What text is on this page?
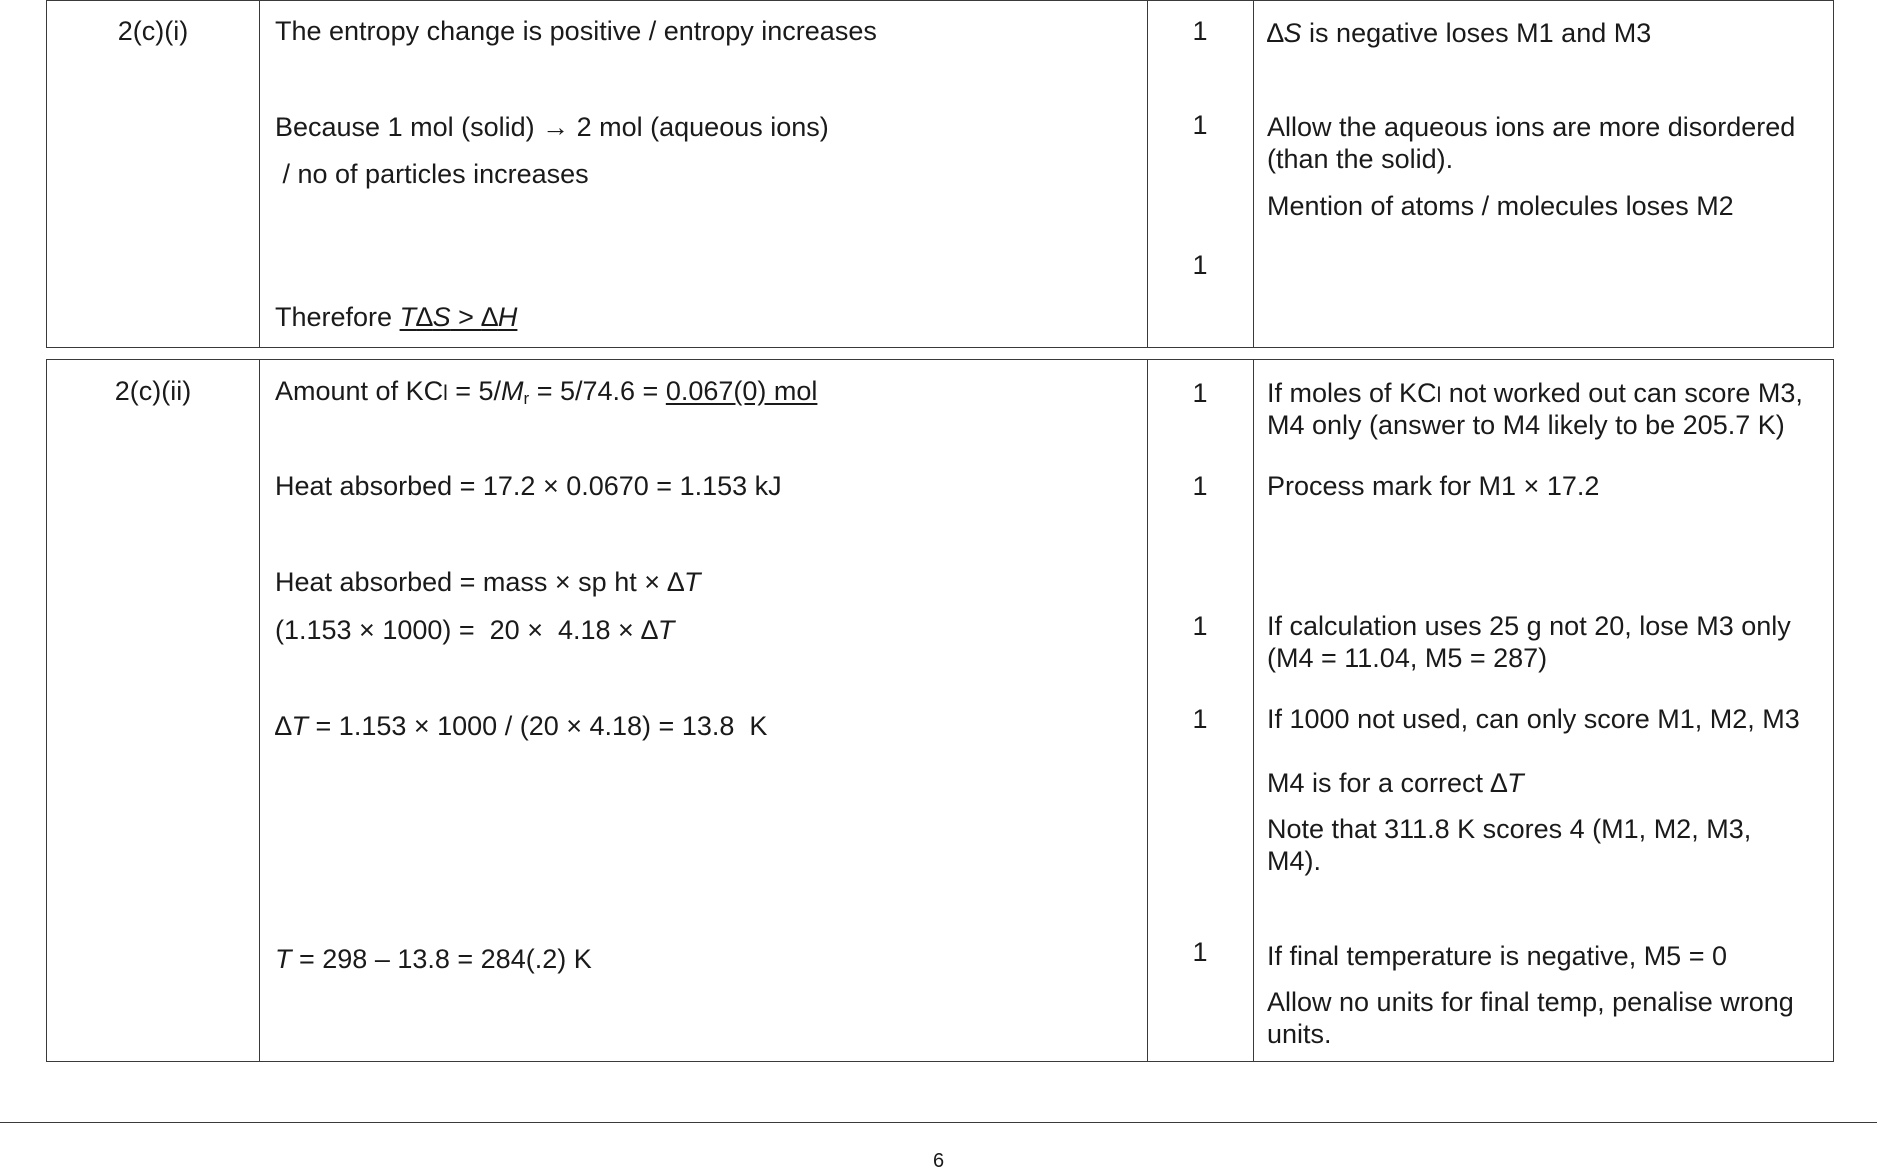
2(c)(i)	The entropy change is positive / entropy increases
Because 1 mol (solid) → 2 mol (aqueous ions)
/ no of particles increases
Therefore T∆S > ∆H
1
1
1
∆S is negative loses M1 and M3
Allow the aqueous ions are more disordered
(than the solid).
Mention of atoms / molecules loses M2
2(c)(ii)	Amount of KCl = $5/M_r = 5/74.6 = 0.067(0)$ mol
Heat absorbed = 17.2 × 0.0670 = 1.153 kJ
Heat absorbed = mass × sp ht × ∆T
(1.153 × 1000) =  20 ×  4.18 × ∆T
∆T = 1.153 × 1000 / (20 × 4.18) = 13.8  K
T = 298 – 13.8 = 284(.2) K
1
1
1
1
1
If moles of KCl not worked out can score M3,
M4 only (answer to M4 likely to be 205.7 K)
Process mark for M1 × 17.2
If calculation uses 25 g not 20, lose M3 only
(M4 = 11.04, M5 = 287)
If 1000 not used, can only score M1, M2, M3
M4 is for a correct ∆T
Note that 311.8 K scores 4 (M1, M2, M3,
M4).
If final temperature is negative, M5 = 0
Allow no units for final temp, penalise wrong
units.
6
